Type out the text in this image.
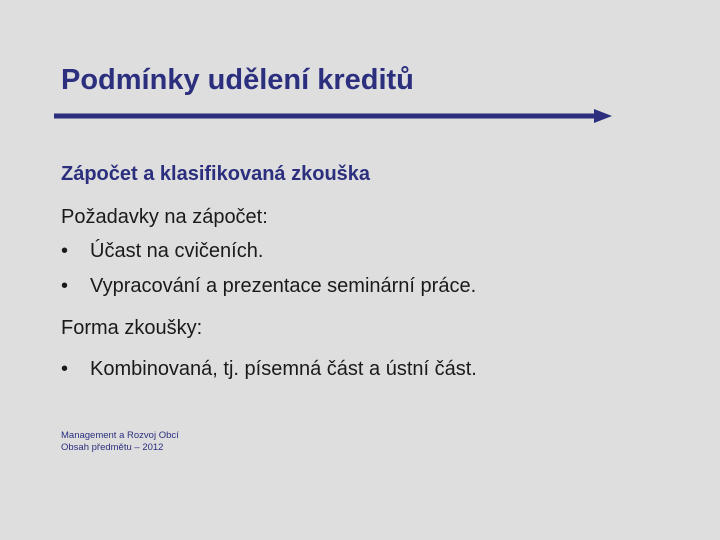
Podmínky udělení kreditů
Zápočet a klasifikovaná zkouška

Požadavky na zápočet:

• Účast na cvičeních.
• Vypracování a prezentace seminární práce.

Forma zkoušky:

• Kombinovaná, tj. písemná část a ústní část.
Management a Rozvoj Obcí
Obsah předmětu – 2012
